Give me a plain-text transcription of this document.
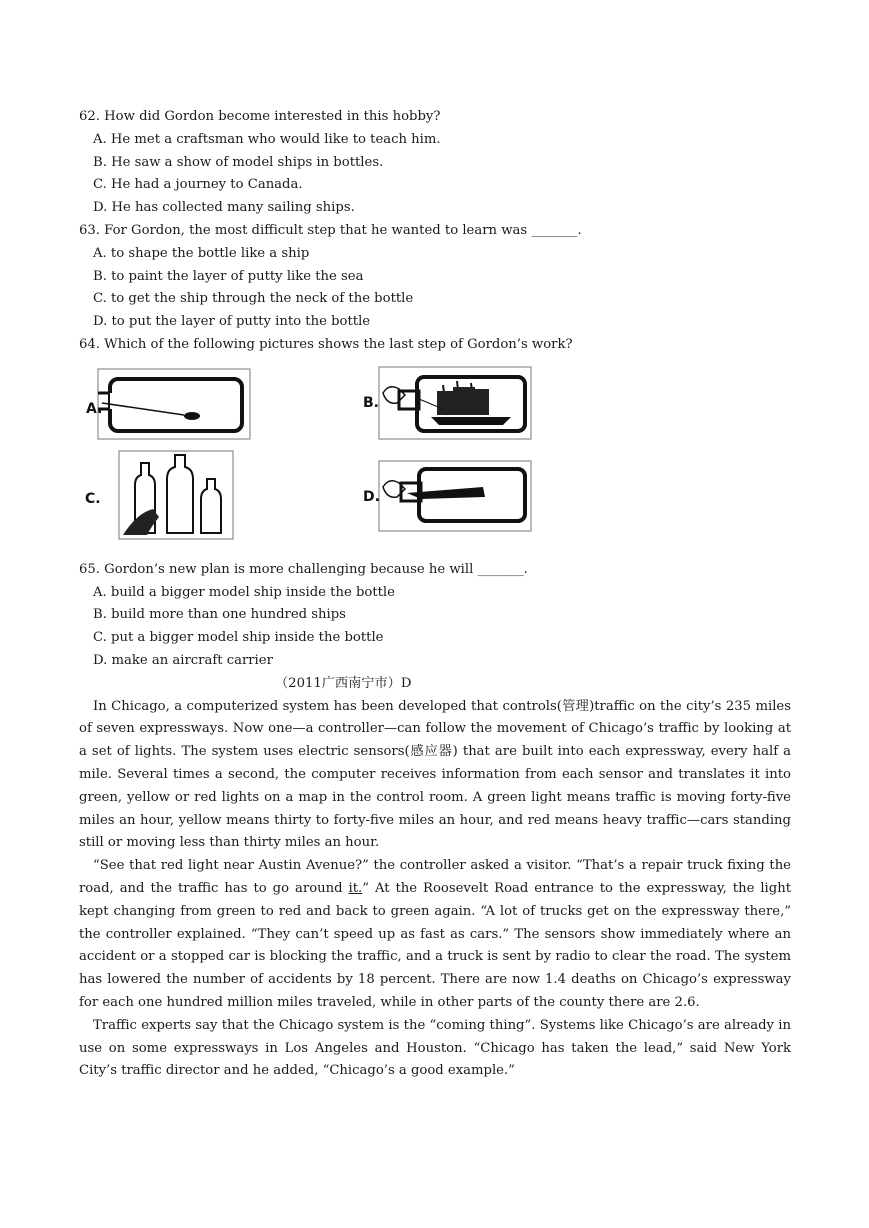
62. How did Gordon become interested in this hobby?
A. He met a craftsman who would like to teach him.
B. He saw a show of model ships in bottles.
C. He had a journey to Canada.
D. He has collected many sailing ships.
63. For Gordon, the most difficult step that he wanted to learn was _______.
A. to shape the bottle like a ship
B. to paint the layer of putty like the sea
C. to get the ship through the neck of the bottle
D. to put the layer of putty into the bottle
64. Which of the following pictures shows the last step of Gordon’s work?
A.	B.
C.	D.
65. Gordon’s new plan is more challenging because he will _______.
A. build a bigger model ship inside the bottle
B. build more than one hundred ships
C. put a bigger model ship inside the bottle
D. make an aircraft carrier
（2011广西南宁市）D
In Chicago, a computerized system has been developed that controls(管理)traffic on the city’s 235 miles of seven expressways. Now one—a controller—can follow the movement of Chicago’s traffic by looking at a set of lights. The system uses electric sensors(感应器) that are built into each expressway, every half a mile. Several times a second, the computer receives information from each sensor and translates it into green, yellow or red lights on a map in the control room. A green light means traffic is moving forty-five miles an hour, yellow means thirty to forty-five miles an hour, and red means heavy traffic—cars standing still or moving less than thirty miles an hour.
“See that red light near Austin Avenue?” the controller asked a visitor. “That’s a repair truck fixing the road, and the traffic has to go around it.” At the Roosevelt Road entrance to the expressway, the light kept changing from green to red and back to green again. “A lot of trucks get on the expressway there,” the controller explained. “They can’t speed up as fast as cars.” The sensors show immediately where an accident or a stopped car is blocking the traffic, and a truck is sent by radio to clear the road. The system has lowered the number of accidents by 18 percent. There are now 1.4 deaths on Chicago’s expressway for each one hundred million miles traveled, while in other parts of the county there are 2.6.
Traffic experts say that the Chicago system is the “coming thing”. Systems like Chicago’s are already in use on some expressways in Los Angeles and Houston. “Chicago has taken the lead,” said New York City’s traffic director and he added, “Chicago’s a good example.”
